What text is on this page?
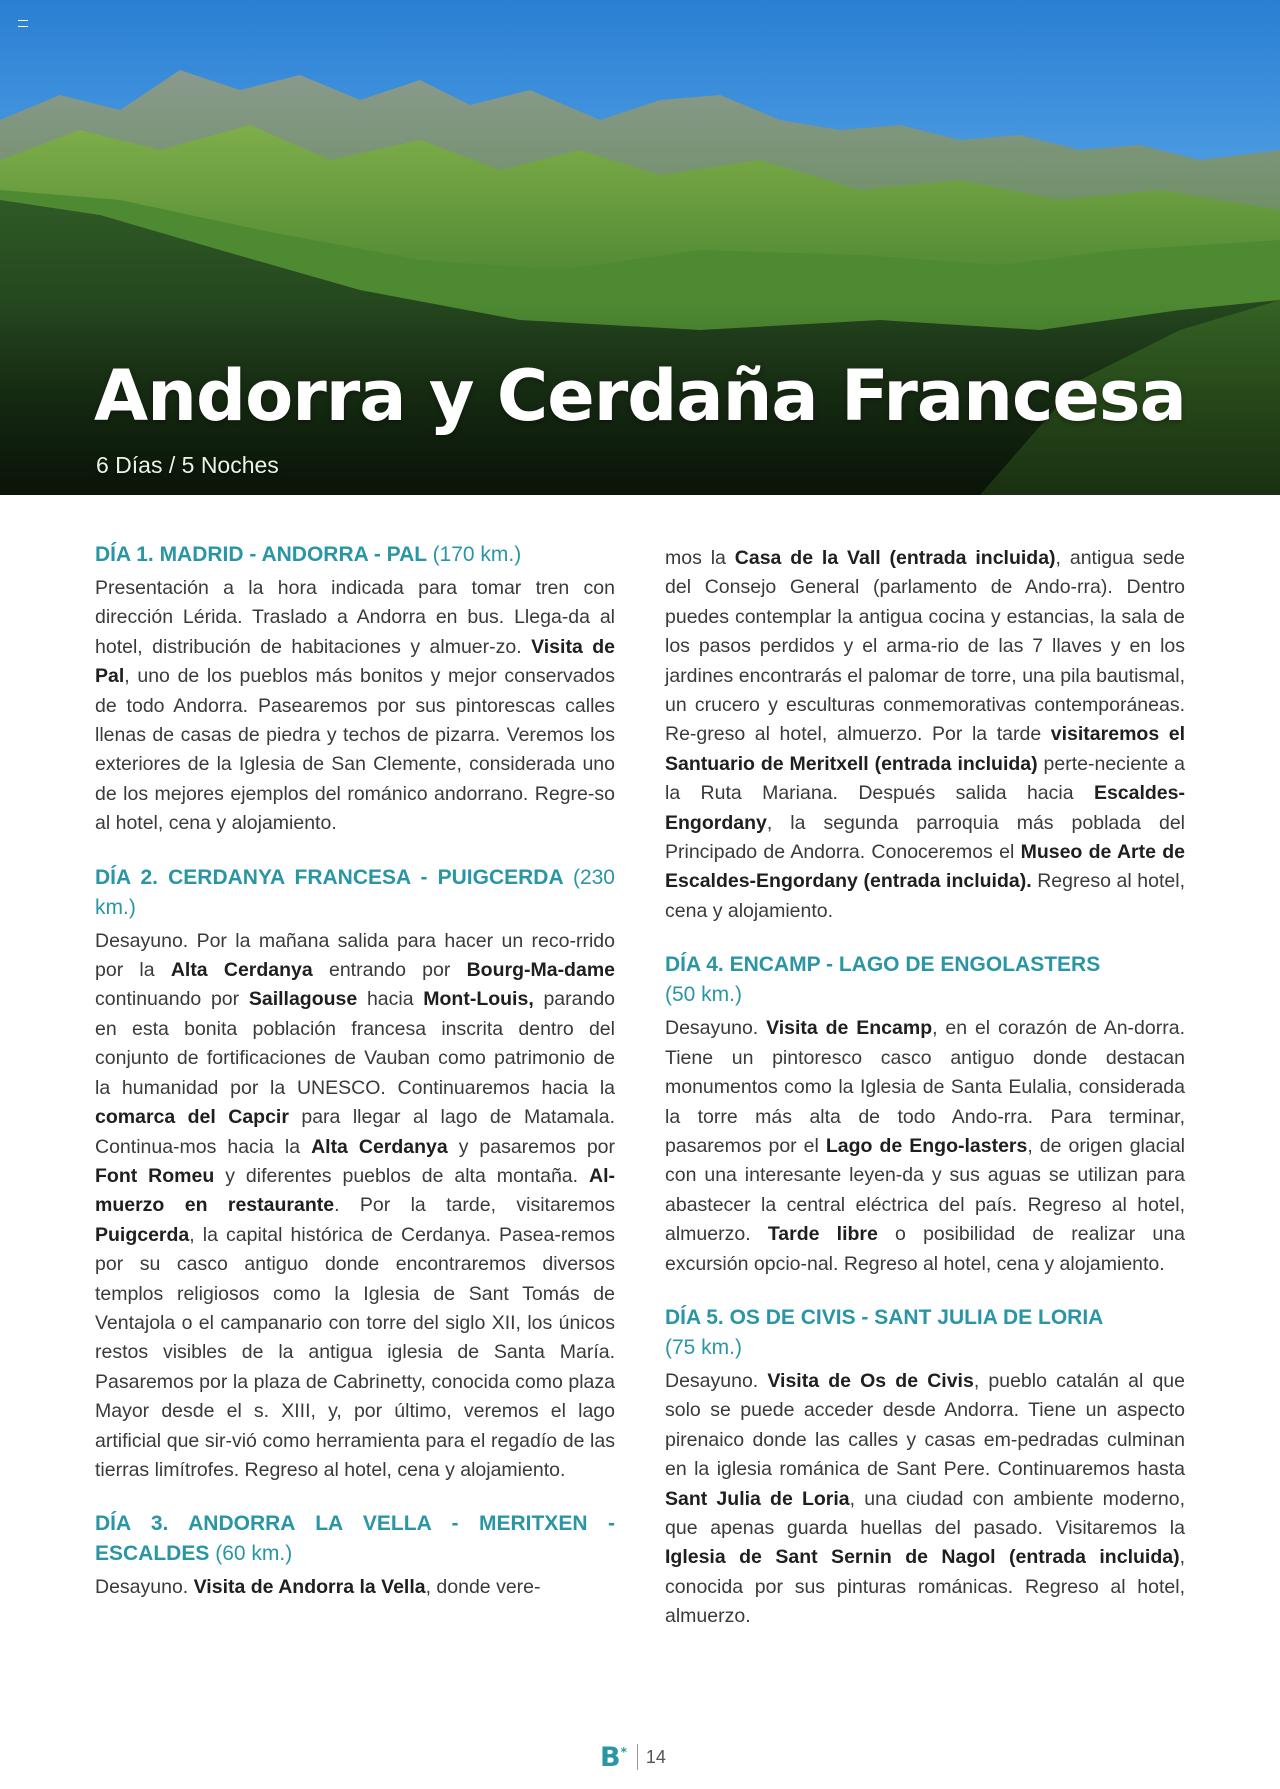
Andorra y Cerdaña Francesa

6 Días / 5 Noches

DÍA 1. MADRID - ANDORRA - PAL (170 km.)

Presentación a la hora indicada para tomar tren con dirección Lérida. Traslado a Andorra en bus. Llega-da al hotel, distribución de habitaciones y almuer-zo. Visita de Pal, uno de los pueblos más bonitos y mejor conservados de todo Andorra. Pasearemos por sus pintorescas calles llenas de casas de piedra y techos de pizarra. Veremos los exteriores de la Iglesia de San Clemente, considerada uno de los mejores ejemplos del románico andorrano. Regre-so al hotel, cena y alojamiento.

DÍA 2. CERDANYA FRANCESA - PUIGCERDA (230 km.)

Desayuno. Por la mañana salida para hacer un reco-rrido por la Alta Cerdanya entrando por Bourg-Ma-dame continuando por Saillagouse hacia Mont-Louis, parando en esta bonita población francesa inscrita dentro del conjunto de fortificaciones de Vauban como patrimonio de la humanidad por la UNESCO. Continuaremos hacia la comarca del Capcir para llegar al lago de Matamala. Continua-mos hacia la Alta Cerdanya y pasaremos por Font Romeu y diferentes pueblos de alta montaña. Al-muerzo en restaurante. Por la tarde, visitaremos Puigcerda, la capital histórica de Cerdanya. Pasea-remos por su casco antiguo donde encontraremos diversos templos religiosos como la Iglesia de Sant Tomás de Ventajola o el campanario con torre del siglo XII, los únicos restos visibles de la antigua iglesia de Santa María. Pasaremos por la plaza de Cabrinetty, conocida como plaza Mayor desde el s. XIII, y, por último, veremos el lago artificial que sir-vió como herramienta para el regadío de las tierras limítrofes. Regreso al hotel, cena y alojamiento.

DÍA 3. ANDORRA LA VELLA - MERITXEN - ESCALDES (60 km.)

Desayuno. Visita de Andorra la Vella, donde vere-

mos la Casa de la Vall (entrada incluida), antigua sede del Consejo General (parlamento de Ando-rra). Dentro puedes contemplar la antigua cocina y estancias, la sala de los pasos perdidos y el arma-rio de las 7 llaves y en los jardines encontrarás el palomar de torre, una pila bautismal, un crucero y esculturas conmemorativas contemporáneas. Re-greso al hotel, almuerzo. Por la tarde visitaremos el Santuario de Meritxell (entrada incluida) perte-neciente a la Ruta Mariana. Después salida hacia Escaldes-Engordany, la segunda parroquia más poblada del Principado de Andorra. Conoceremos el Museo de Arte de Escaldes-Engordany (entrada incluida). Regreso al hotel, cena y alojamiento.

DÍA 4. ENCAMP - LAGO DE ENGOLASTERS
(50 km.)

Desayuno. Visita de Encamp, en el corazón de An-dorra. Tiene un pintoresco casco antiguo donde destacan monumentos como la Iglesia de Santa Eulalia, considerada la torre más alta de todo Ando-rra. Para terminar, pasaremos por el Lago de Engo-lasters, de origen glacial con una interesante leyen-da y sus aguas se utilizan para abastecer la central eléctrica del país. Regreso al hotel, almuerzo. Tarde libre o posibilidad de realizar una excursión opcio-nal. Regreso al hotel, cena y alojamiento.

DÍA 5. OS DE CIVIS - SANT JULIA DE LORIA
(75 km.)

Desayuno. Visita de Os de Civis, pueblo catalán al que solo se puede acceder desde Andorra. Tiene un aspecto pirenaico donde las calles y casas em-pedradas culminan en la iglesia románica de Sant Pere. Continuaremos hasta Sant Julia de Loria, una ciudad con ambiente moderno, que apenas guarda huellas del pasado. Visitaremos la Iglesia de Sant Sernin de Nagol (entrada incluida), conocida por sus pinturas románicas. Regreso al hotel, almuerzo.

B* 14
